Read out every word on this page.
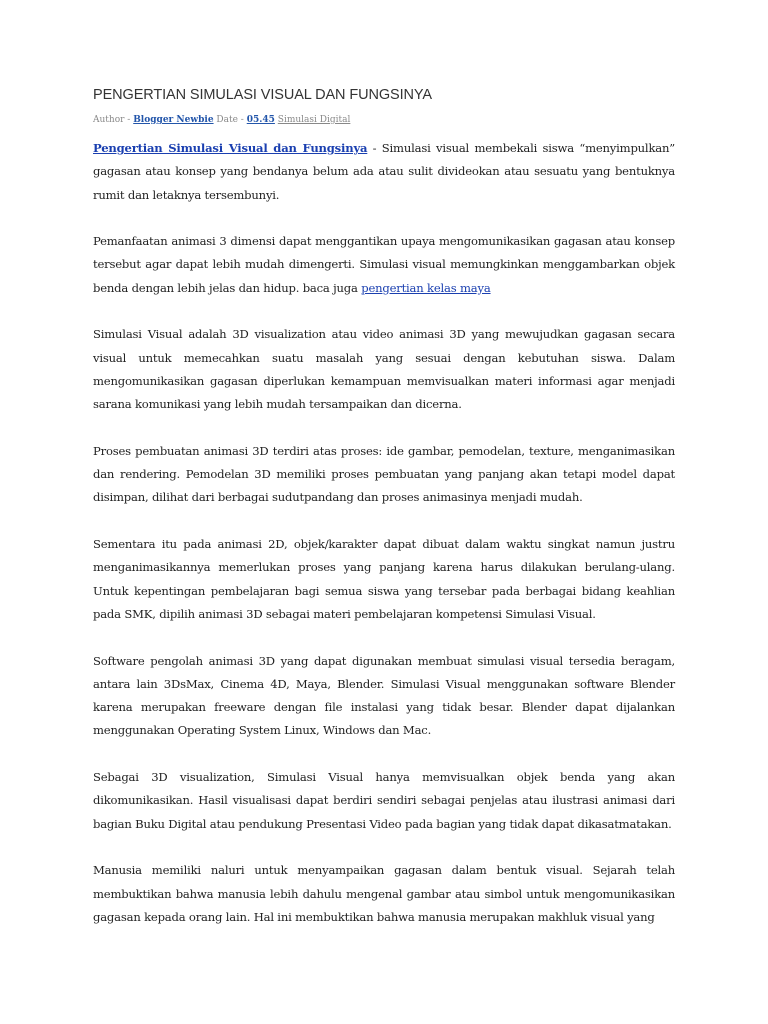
PENGERTIAN SIMULASI VISUAL DAN FUNGSINYA
Author - Blogger Newbie Date - 05.45 Simulasi Digital

Pengertian Simulasi Visual dan Fungsinya - Simulasi visual membekali siswa “menyimpulkan” gagasan atau konsep yang bendanya belum ada atau sulit divideokan atau sesuatu yang bentuknya rumit dan letaknya tersembunyi.

Pemanfaatan animasi 3 dimensi dapat menggantikan upaya mengomunikasikan gagasan atau konsep tersebut agar dapat lebih mudah dimengerti. Simulasi visual memungkinkan menggambarkan objek benda dengan lebih jelas dan hidup. baca juga pengertian kelas maya

Simulasi Visual adalah 3D visualization atau video animasi 3D yang mewujudkan gagasan secara visual untuk memecahkan suatu masalah yang sesuai dengan kebutuhan siswa. Dalam mengomunikasikan gagasan diperlukan kemampuan memvisualkan materi informasi agar menjadi sarana komunikasi yang lebih mudah tersampaikan dan dicerna.

Proses pembuatan animasi 3D terdiri atas proses: ide gambar, pemodelan, texture, menganimasikan dan rendering. Pemodelan 3D memiliki proses pembuatan yang panjang akan tetapi model dapat disimpan, dilihat dari berbagai sudutpandang dan proses animasinya menjadi mudah.

Sementara itu pada animasi 2D, objek/karakter dapat dibuat dalam waktu singkat namun justru menganimasikannya memerlukan proses yang panjang karena harus dilakukan berulang-ulang. Untuk kepentingan pembelajaran bagi semua siswa yang tersebar pada berbagai bidang keahlian pada SMK, dipilih animasi 3D sebagai materi pembelajaran kompetensi Simulasi Visual.

Software pengolah animasi 3D yang dapat digunakan membuat simulasi visual tersedia beragam, antara lain 3DsMax, Cinema 4D, Maya, Blender. Simulasi Visual menggunakan software Blender karena merupakan freeware dengan file instalasi yang tidak besar. Blender dapat dijalankan menggunakan Operating System Linux, Windows dan Mac.

Sebagai 3D visualization, Simulasi Visual hanya memvisualkan objek benda yang akan dikomunikasikan. Hasil visualisasi dapat berdiri sendiri sebagai penjelas atau ilustrasi animasi dari bagian Buku Digital atau pendukung Presentasi Video pada bagian yang tidak dapat dikasatmatakan.

Manusia memiliki naluri untuk menyampaikan gagasan dalam bentuk visual. Sejarah telah membuktikan bahwa manusia lebih dahulu mengenal gambar atau simbol untuk mengomunikasikan gagasan kepada orang lain. Hal ini membuktikan bahwa manusia merupakan makhluk visual yang
